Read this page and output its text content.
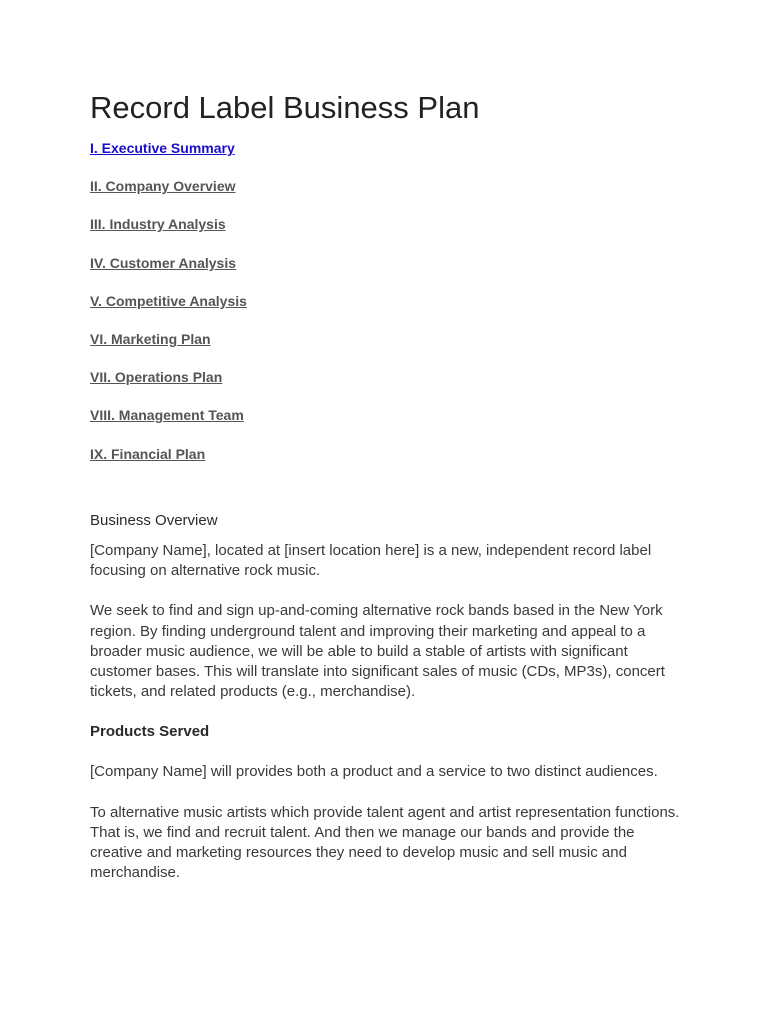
Record Label Business Plan
I. Executive Summary
II. Company Overview
III. Industry Analysis
IV. Customer Analysis
V. Competitive Analysis
VI. Marketing Plan
VII. Operations Plan
VIII. Management Team
IX. Financial Plan
Business Overview

[Company Name], located at [insert location here] is a new, independent record label focusing on alternative rock music.

We seek to find and sign up-and-coming alternative rock bands based in the New York region. By finding underground talent and improving their marketing and appeal to a broader music audience, we will be able to build a stable of artists with significant customer bases. This will translate into significant sales of music (CDs, MP3s), concert tickets, and related products (e.g., merchandise).

Products Served

[Company Name] will provides both a product and a service to two distinct audiences.

To alternative music artists which provide talent agent and artist representation functions. That is, we find and recruit talent. And then we manage our bands and provide the creative and marketing resources they need to develop music and sell music and merchandise.
